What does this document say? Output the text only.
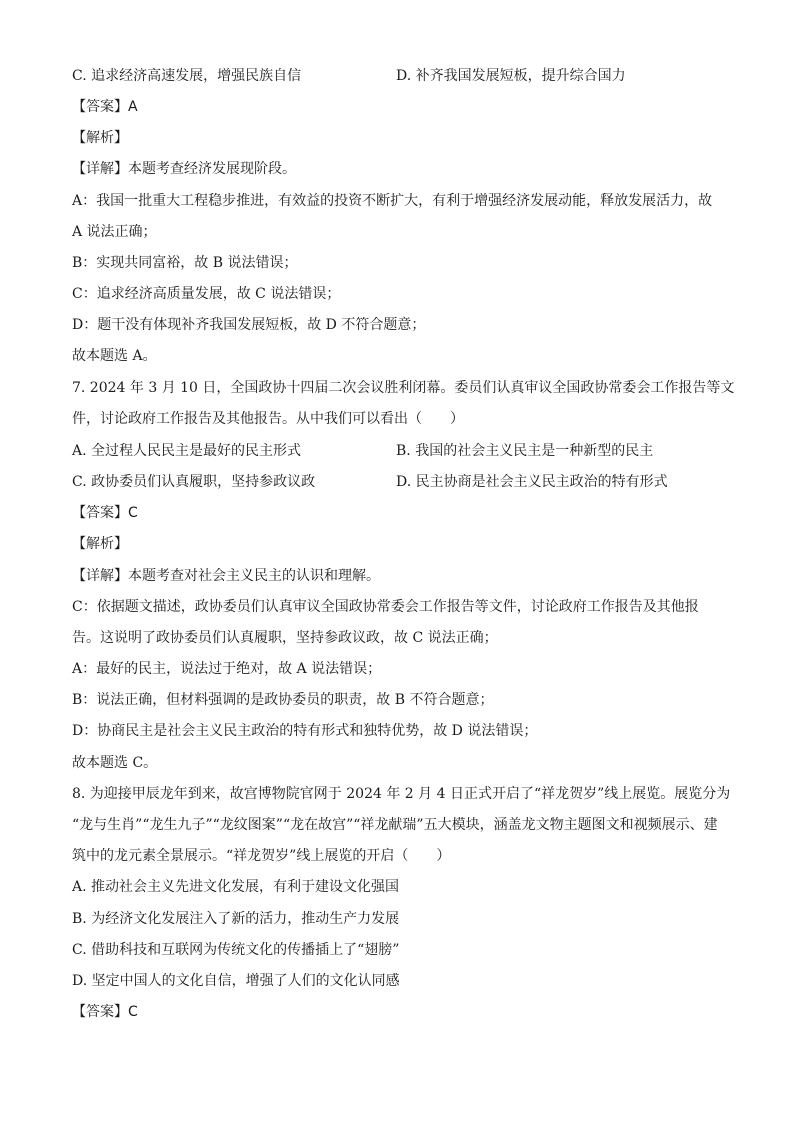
C. 追求经济高速发展，增强民族自信	D. 补齐我国发展短板，提升综合国力
【答案】A
【解析】
【详解】本题考查经济发展现阶段。
A：我国一批重大工程稳步推进，有效益的投资不断扩大，有利于增强经济发展动能，释放发展活力，故
A 说法正确；
B：实现共同富裕，故 B 说法错误；
C：追求经济高质量发展，故 C 说法错误；
D：题干没有体现补齐我国发展短板，故 D 不符合题意；
故本题选 A。
7. 2024 年 3 月 10 日，全国政协十四届二次会议胜利闭幕。委员们认真审议全国政协常委会工作报告等文
件，讨论政府工作报告及其他报告。从中我们可以看出（　　）
A. 全过程人民民主是最好的民主形式	B. 我国的社会主义民主是一种新型的民主
C. 政协委员们认真履职，坚持参政议政	D. 民主协商是社会主义民主政治的特有形式
【答案】C
【解析】
【详解】本题考查对社会主义民主的认识和理解。
C：依据题文描述，政协委员们认真审议全国政协常委会工作报告等文件，讨论政府工作报告及其他报
告。这说明了政协委员们认真履职，坚持参政议政，故 C 说法正确；
A：最好的民主，说法过于绝对，故 A 说法错误；
B：说法正确，但材料强调的是政协委员的职责，故 B 不符合题意；
D：协商民主是社会主义民主政治的特有形式和独特优势，故 D 说法错误；
故本题选 C。
8. 为迎接甲辰龙年到来，故宫博物院官网于 2024 年 2 月 4 日正式开启了“祥龙贺岁”线上展览。展览分为
“龙与生肖”“龙生九子”“龙纹图案”“龙在故宫”“祥龙献瑞”五大模块，涵盖龙文物主题图文和视频展示、建
筑中的龙元素全景展示。“祥龙贺岁”线上展览的开启（　　）
A. 推动社会主义先进文化发展，有利于建设文化强国
B. 为经济文化发展注入了新的活力，推动生产力发展
C. 借助科技和互联网为传统文化的传播插上了“翅膀”
D. 坚定中国人的文化自信，增强了人们的文化认同感
【答案】C
